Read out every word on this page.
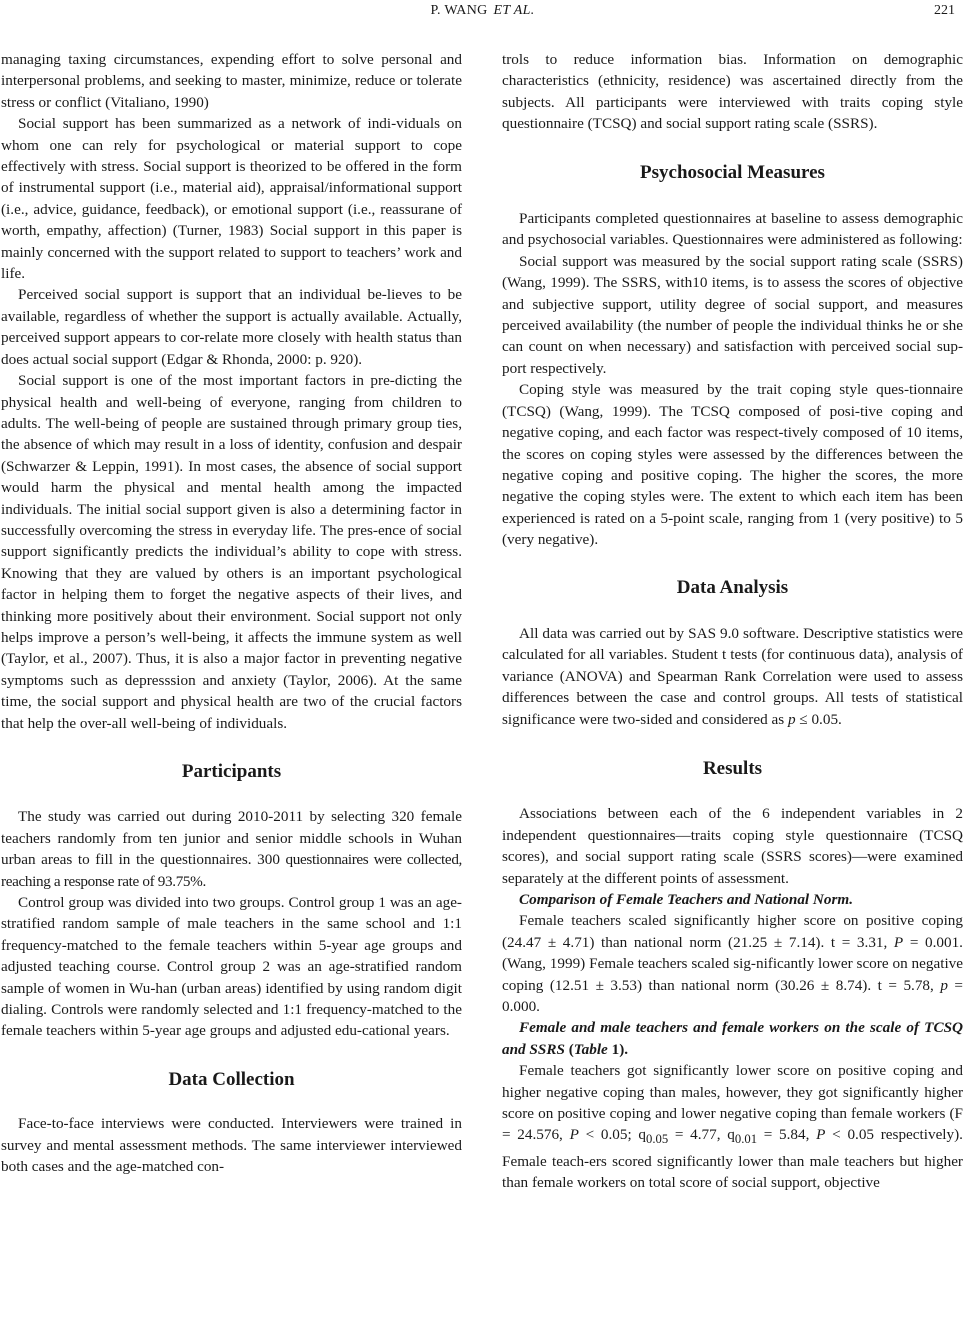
P. WANG ET AL.	221

managing taxing circumstances, expending effort to solve personal and interpersonal problems, and seeking to master, minimize, reduce or tolerate stress or conflict (Vitaliano, 1990)

Social support has been summarized as a network of indi-viduals on whom one can rely for psychological or material support to cope effectively with stress. Social support is theorized to be offered in the form of instrumental support (i.e., material aid), appraisal/informational support (i.e., advice, guidance, feedback), or emotional support (i.e., reassurane of worth, empathy, affection) (Turner, 1983) Social support in this paper is mainly concerned with the support related to support to teachers’ work and life.

Perceived social support is support that an individual be-lieves to be available, regardless of whether the support is actually available. Actually, perceived support appears to cor-relate more closely with health status than does actual social support (Edgar & Rhonda, 2000: p. 920).

Social support is one of the most important factors in pre-dicting the physical health and well-being of everyone, ranging from children to adults. The well-being of people are sustained through primary group ties, the absence of which may result in a loss of identity, confusion and despair (Schwarzer & Leppin, 1991). In most cases, the absence of social support would harm the physical and mental health among the impacted individuals. The initial social support given is also a determining factor in successfully overcoming the stress in everyday life. The pres-ence of social support significantly predicts the individual’s ability to cope with stress. Knowing that they are valued by others is an important psychological factor in helping them to forget the negative aspects of their lives, and thinking more positively about their environment. Social support not only helps improve a person’s well-being, it affects the immune system as well (Taylor, et al., 2007). Thus, it is also a major factor in preventing negative symptoms such as depresssion and anxiety (Taylor, 2006). At the same time, the social support and physical health are two of the crucial factors that help the over-all well-being of individuals.

Participants

The study was carried out during 2010-2011 by selecting 320 female teachers randomly from ten junior and senior middle schools in Wuhan urban areas to fill in the questionnaires. 300 questionnaires were collected, reaching a response rate of 93.75%.

Control group was divided into two groups. Control group 1 was an age-stratified random sample of male teachers in the same school and 1:1 frequency-matched to the female teachers within 5-year age groups and adjusted teaching course. Control group 2 was an age-stratified random sample of women in Wu-han (urban areas) identified by using random digit dialing. Controls were randomly selected and 1:1 frequency-matched to the female teachers within 5-year age groups and adjusted edu-cational years.

Data Collection

Face-to-face interviews were conducted. Interviewers were trained in survey and mental assessment methods. The same interviewer interviewed both cases and the age-matched con-

trols to reduce information bias. Information on demographic characteristics (ethnicity, residence) was ascertained directly from the subjects. All participants were interviewed with traits coping style questionnaire (TCSQ) and social support rating scale (SSRS).

Psychosocial Measures

Participants completed questionnaires at baseline to assess demographic and psychosocial variables. Questionnaires were administered as following:

Social support was measured by the social support rating scale (SSRS) (Wang, 1999). The SSRS, with10 items, is to assess the scores of objective and subjective support, utility degree of social support, and measures perceived availability (the number of people the individual thinks he or she can count on when necessary) and satisfaction with perceived social sup-port respectively.

Coping style was measured by the trait coping style ques-tionnaire (TCSQ) (Wang, 1999). The TCSQ composed of posi-tive coping and negative coping, and each factor was respect-tively composed of 10 items, the scores on coping styles were assessed by the differences between the negative coping and positive coping. The higher the scores, the more negative the coping styles were. The extent to which each item has been experienced is rated on a 5-point scale, ranging from 1 (very positive) to 5 (very negative).

Data Analysis

All data was carried out by SAS 9.0 software. Descriptive statistics were calculated for all variables. Student t tests (for continuous data), analysis of variance (ANOVA) and Spearman Rank Correlation were used to assess differences between the case and control groups. All tests of statistical significance were two-sided and considered as p ≤ 0.05.

Results

Associations between each of the 6 independent variables in 2 independent questionnaires—traits coping style questionnaire (TCSQ scores), and social support rating scale (SSRS scores)—were examined separately at the different points of assessment.

Comparison of Female Teachers and National Norm.

Female teachers scaled significantly higher score on positive coping (24.47 ± 4.71) than national norm (21.25 ± 7.14). t = 3.31, P = 0.001. (Wang, 1999) Female teachers scaled sig-nificantly lower score on negative coping (12.51 ± 3.53) than national norm (30.26 ± 8.74). t = 5.78, p = 0.000.

Female and male teachers and female workers on the scale of TCSQ and SSRS (Table 1).

Female teachers got significantly lower score on positive coping and higher negative coping than males, however, they got significantly higher score on positive coping and lower negative coping than female workers (F = 24.576, P < 0.05; $q_{0.05} = 4.77$, $q_{0.01} = 5.84$, P < 0.05 respectively). Female teach-ers scored significantly lower than male teachers but higher than female workers on total score of social support, objective
